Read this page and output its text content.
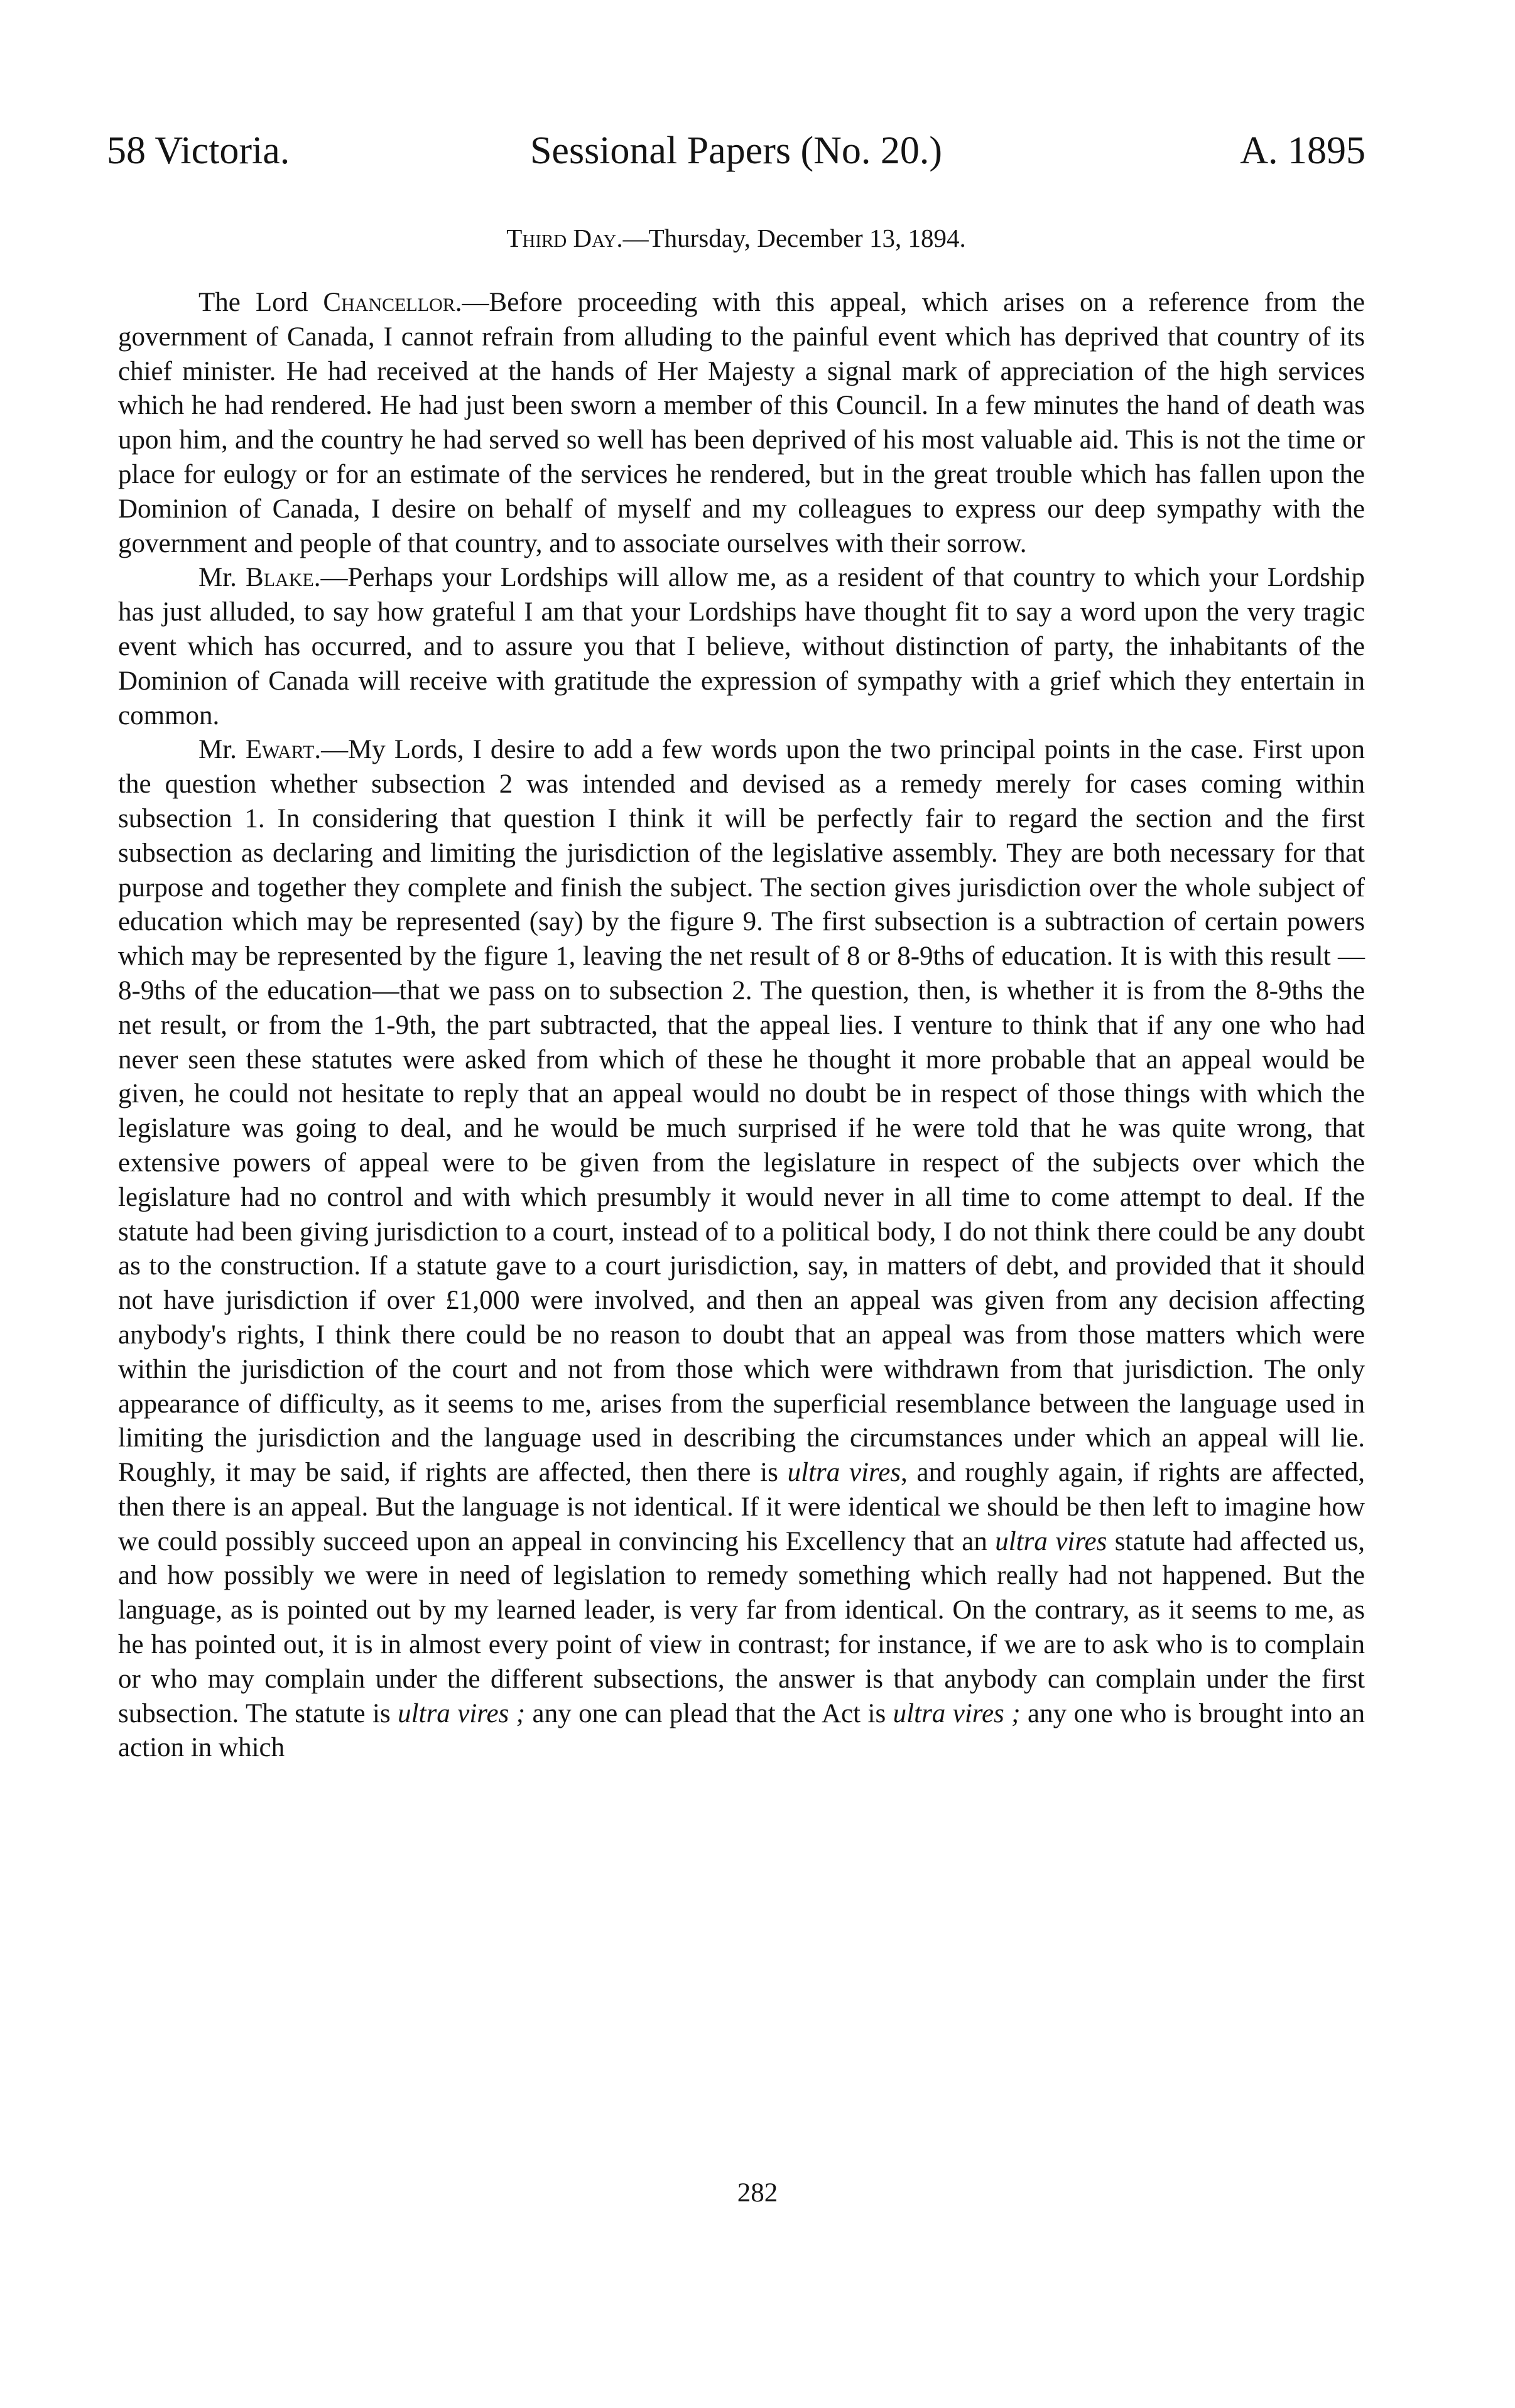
58 Victoria.	Sessional Papers (No. 20.)	A. 1895
Third Day.—Thursday, December 13, 1894.

The Lord Chancellor.—Before proceeding with this appeal, which arises on a reference from the government of Canada, I cannot refrain from alluding to the painful event which has deprived that country of its chief minister. He had received at the hands of Her Majesty a signal mark of appreciation of the high services which he had rendered. He had just been sworn a member of this Council. In a few minutes the hand of death was upon him, and the country he had served so well has been deprived of his most valuable aid. This is not the time or place for eulogy or for an estimate of the services he rendered, but in the great trouble which has fallen upon the Dominion of Canada, I desire on behalf of myself and my colleagues to express our deep sympathy with the government and people of that country, and to associate ourselves with their sorrow.

Mr. Blake.—Perhaps your Lordships will allow me, as a resident of that country to which your Lordship has just alluded, to say how grateful I am that your Lordships have thought fit to say a word upon the very tragic event which has occurred, and to assure you that I believe, without distinction of party, the inhabitants of the Dominion of Canada will receive with gratitude the expression of sympathy with a grief which they entertain in common.

Mr. Ewart.—My Lords, I desire to add a few words upon the two principal points in the case. First upon the question whether subsection 2 was intended and devised as a remedy merely for cases coming within subsection 1. In considering that question I think it will be perfectly fair to regard the section and the first subsection as declaring and limiting the jurisdiction of the legislative assembly. They are both necessary for that purpose and together they complete and finish the subject. The section gives jurisdiction over the whole subject of education which may be represented (say) by the figure 9. The first subsection is a subtraction of certain powers which may be represented by the figure 1, leaving the net result of 8 or 8-9ths of education. It is with this result —8-9ths of the education—that we pass on to subsection 2. The question, then, is whether it is from the 8-9ths the net result, or from the 1-9th, the part subtracted, that the appeal lies. I venture to think that if any one who had never seen these statutes were asked from which of these he thought it more probable that an appeal would be given, he could not hesitate to reply that an appeal would no doubt be in respect of those things with which the legislature was going to deal, and he would be much surprised if he were told that he was quite wrong, that extensive powers of appeal were to be given from the legislature in respect of the subjects over which the legislature had no control and with which presumbly it would never in all time to come attempt to deal. If the statute had been giving jurisdiction to a court, instead of to a political body, I do not think there could be any doubt as to the construction. If a statute gave to a court jurisdiction, say, in matters of debt, and provided that it should not have jurisdiction if over £1,000 were involved, and then an appeal was given from any decision affecting anybody's rights, I think there could be no reason to doubt that an appeal was from those matters which were within the jurisdiction of the court and not from those which were withdrawn from that jurisdiction. The only appearance of difficulty, as it seems to me, arises from the superficial resemblance between the language used in limiting the jurisdiction and the language used in describing the circumstances under which an appeal will lie. Roughly, it may be said, if rights are affected, then there is ultra vires, and roughly again, if rights are affected, then there is an appeal. But the language is not identical. If it were identical we should be then left to imagine how we could possibly succeed upon an appeal in convincing his Excellency that an ultra vires statute had affected us, and how possibly we were in need of legislation to remedy something which really had not happened. But the language, as is pointed out by my learned leader, is very far from identical. On the contrary, as it seems to me, as he has pointed out, it is in almost every point of view in contrast; for instance, if we are to ask who is to complain or who may complain under the different subsections, the answer is that anybody can complain under the first subsection. The statute is ultra vires ; any one can plead that the Act is ultra vires ; any one who is brought into an action in which

282
